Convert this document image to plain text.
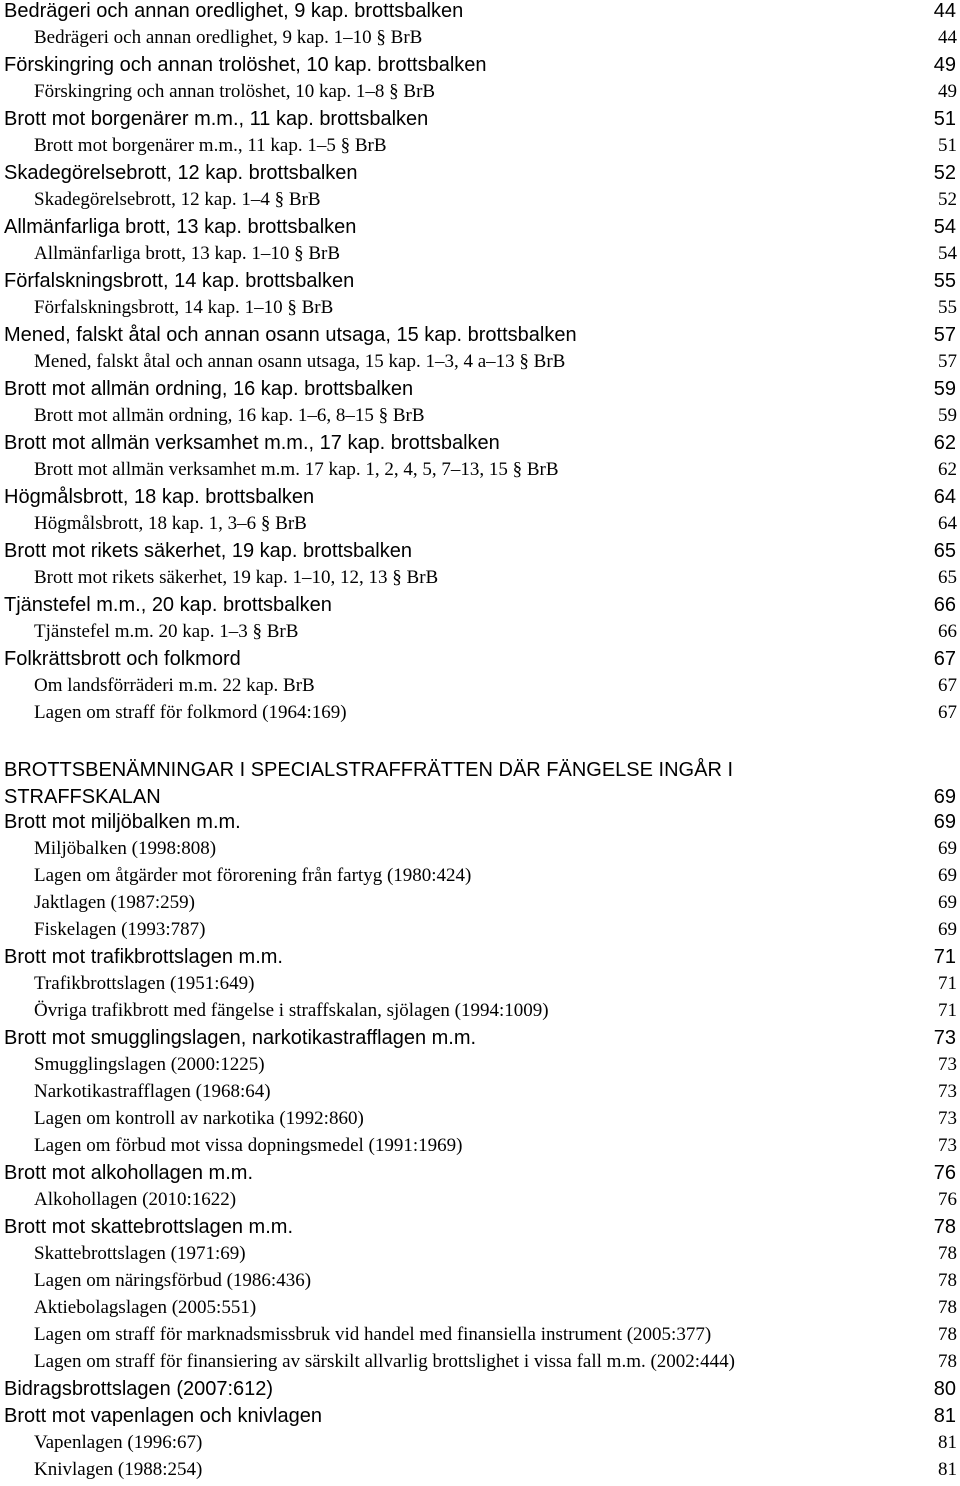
Bedrägeri och annan oredlighet, 9 kap. brottsbalken	44
Bedrägeri och annan oredlighet, 9 kap. 1–10 § BrB	44
Förskingring och annan trolöshet, 10 kap. brottsbalken	49
Förskingring och annan trolöshet, 10 kap. 1–8 § BrB	49
Brott mot borgenärer m.m., 11 kap. brottsbalken	51
Brott mot borgenärer m.m., 11 kap. 1–5 § BrB	51
Skadegörelsebrott, 12 kap. brottsbalken	52
Skadegörelsebrott, 12 kap. 1–4 § BrB	52
Allmänfarliga brott, 13 kap. brottsbalken	54
Allmänfarliga brott, 13 kap. 1–10 § BrB	54
Förfalskningsbrott, 14 kap. brottsbalken	55
Förfalskningsbrott, 14 kap. 1–10 § BrB	55
Mened, falskt åtal och annan osann utsaga, 15 kap. brottsbalken	57
Mened, falskt åtal och annan osann utsaga, 15 kap. 1–3, 4 a–13 § BrB	57
Brott mot allmän ordning, 16 kap. brottsbalken	59
Brott mot allmän ordning, 16 kap. 1–6, 8–15 § BrB	59
Brott mot allmän verksamhet m.m., 17 kap. brottsbalken	62
Brott mot allmän verksamhet m.m. 17 kap. 1, 2, 4, 5, 7–13, 15 § BrB	62
Högmålsbrott, 18 kap. brottsbalken	64
Högmålsbrott, 18 kap. 1, 3–6 § BrB	64
Brott mot rikets säkerhet, 19 kap. brottsbalken	65
Brott mot rikets säkerhet, 19 kap. 1–10, 12, 13 § BrB	65
Tjänstefel m.m., 20 kap. brottsbalken	66
Tjänstefel m.m. 20 kap. 1–3 § BrB	66
Folkrättsbrott och folkmord	67
Om landsförräderi m.m. 22 kap. BrB	67
Lagen om straff för folkmord (1964:169)	67
BROTTSBENÄMNINGAR I SPECIALSTRAFFRÄTTEN DÄR FÄNGELSE INGÅR I
STRAFFSKALAN	69
Brott mot miljöbalken m.m.	69
Miljöbalken (1998:808)	69
Lagen om åtgärder mot förorening från fartyg (1980:424)	69
Jaktlagen (1987:259)	69
Fiskelagen (1993:787)	69
Brott mot trafikbrottslagen m.m.	71
Trafikbrottslagen (1951:649)	71
Övriga trafikbrott med fängelse i straffskalan, sjölagen (1994:1009)	71
Brott mot smugglingslagen, narkotikastrafflagen m.m.	73
Smugglingslagen (2000:1225)	73
Narkotikastrafflagen (1968:64)	73
Lagen om kontroll av narkotika (1992:860)	73
Lagen om förbud mot vissa dopningsmedel (1991:1969)	73
Brott mot alkohollagen m.m.	76
Alkohollagen (2010:1622)	76
Brott mot skattebrottslagen m.m.	78
Skattebrottslagen (1971:69)	78
Lagen om näringsförbud (1986:436)	78
Aktiebolagslagen (2005:551)	78
Lagen om straff för marknadsmissbruk vid handel med finansiella instrument (2005:377)	78
Lagen om straff för finansiering av särskilt allvarlig brottslighet i vissa fall m.m. (2002:444)	78
Bidragsbrottslagen (2007:612)	80
Brott mot vapenlagen och knivlagen	81
Vapenlagen (1996:67)	81
Knivlagen (1988:254)	81
